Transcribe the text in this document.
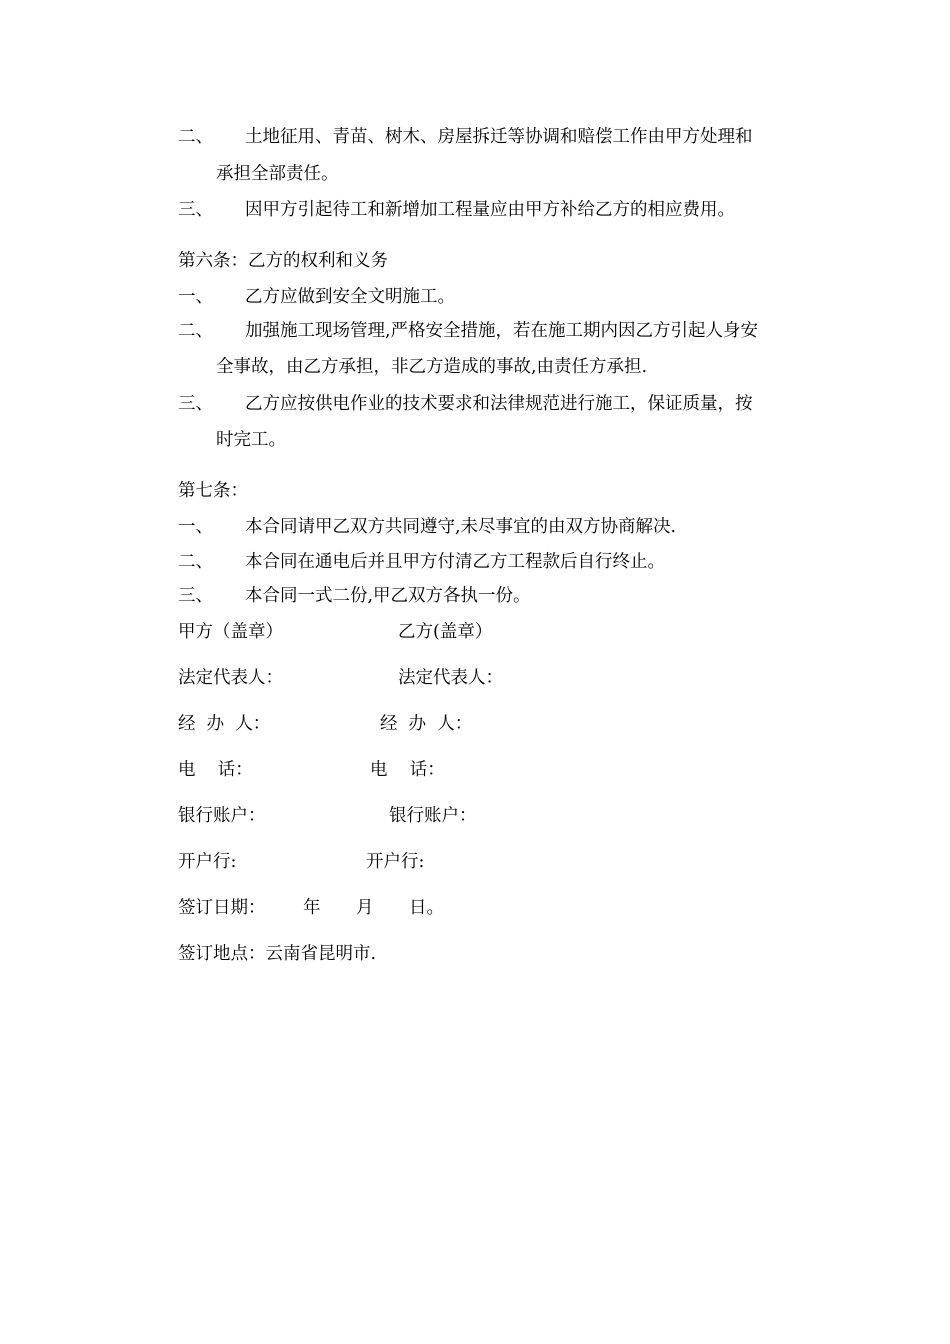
二、 土地征用、青苗、树木、房屋拆迁等协调和赔偿工作由甲方处理和
承担全部责任。
三、 因甲方引起待工和新增加工程量应由甲方补给乙方的相应费用。
第六条：乙方的权利和义务
一、 乙方应做到安全文明施工。
二、 加强施工现场管理,严格安全措施，若在施工期内因乙方引起人身安
全事故，由乙方承担，非乙方造成的事故,由责任方承担.
三、 乙方应按供电作业的技术要求和法律规范进行施工，保证质量，按
时完工。
第七条：
一、 本合同请甲乙双方共同遵守,未尽事宜的由双方协商解决.
二、 本合同在通电后并且甲方付清乙方工程款后自行终止。
三、 本合同一式二份,甲乙双方各执一份。
甲方（盖章）	乙方(盖章）
法定代表人：	法定代表人：
经  办  人：	经  办  人：
电    话：	电    话：
银行账户：	银行账户：
开户行:	开户行:
签订日期： 年 月 日。
签订地点：云南省昆明市.
